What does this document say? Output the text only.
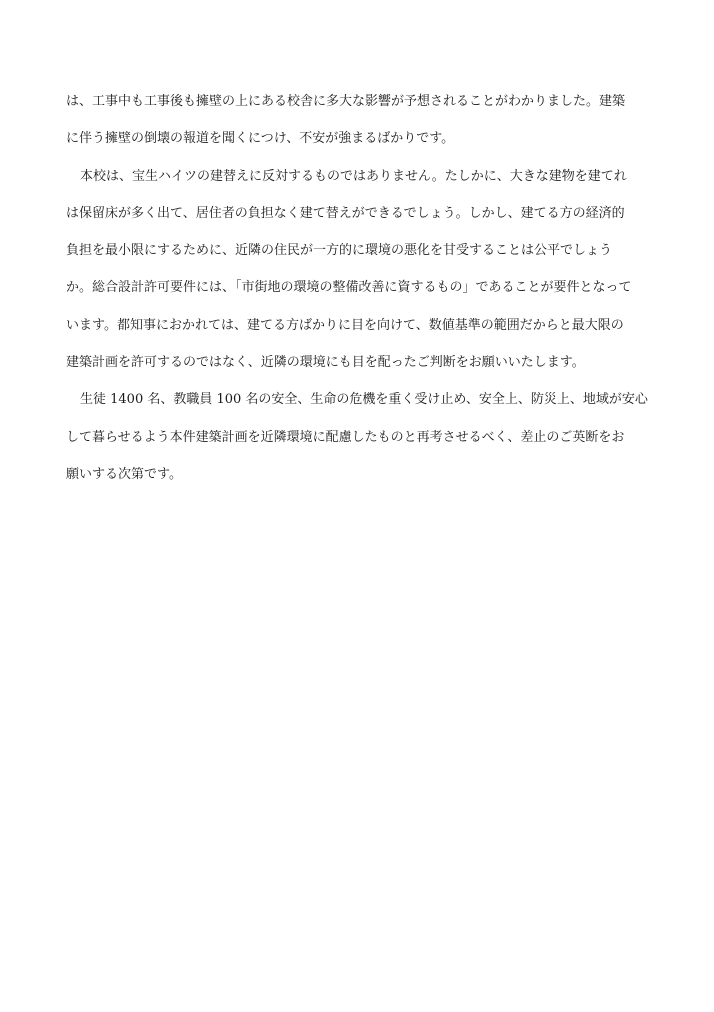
は、工事中も工事後も擁壁の上にある校舎に多大な影響が予想されることがわかりました。建築
に伴う擁壁の倒壊の報道を聞くにつけ、不安が強まるばかりです。
本校は、宝生ハイツの建替えに反対するものではありません。たしかに、大きな建物を建てれ
は保留床が多く出て、居住者の負担なく建て替えができるでしょう。しかし、建てる方の経済的
負担を最小限にするために、近隣の住民が一方的に環境の悪化を甘受することは公平でしょう
か。総合設計許可要件には、「市街地の環境の整備改善に資するもの」であることが要件となって
います。都知事におかれては、建てる方ばかりに目を向けて、数値基準の範囲だからと最大限の
建築計画を許可するのではなく、近隣の環境にも目を配ったご判断をお願いいたします。
生徒 1400 名、教職員 100 名の安全、生命の危機を重く受け止め、安全上、防災上、地域が安心
して暮らせるよう本件建築計画を近隣環境に配慮したものと再考させるべく、差止のご英断をお
願いする次第です。
